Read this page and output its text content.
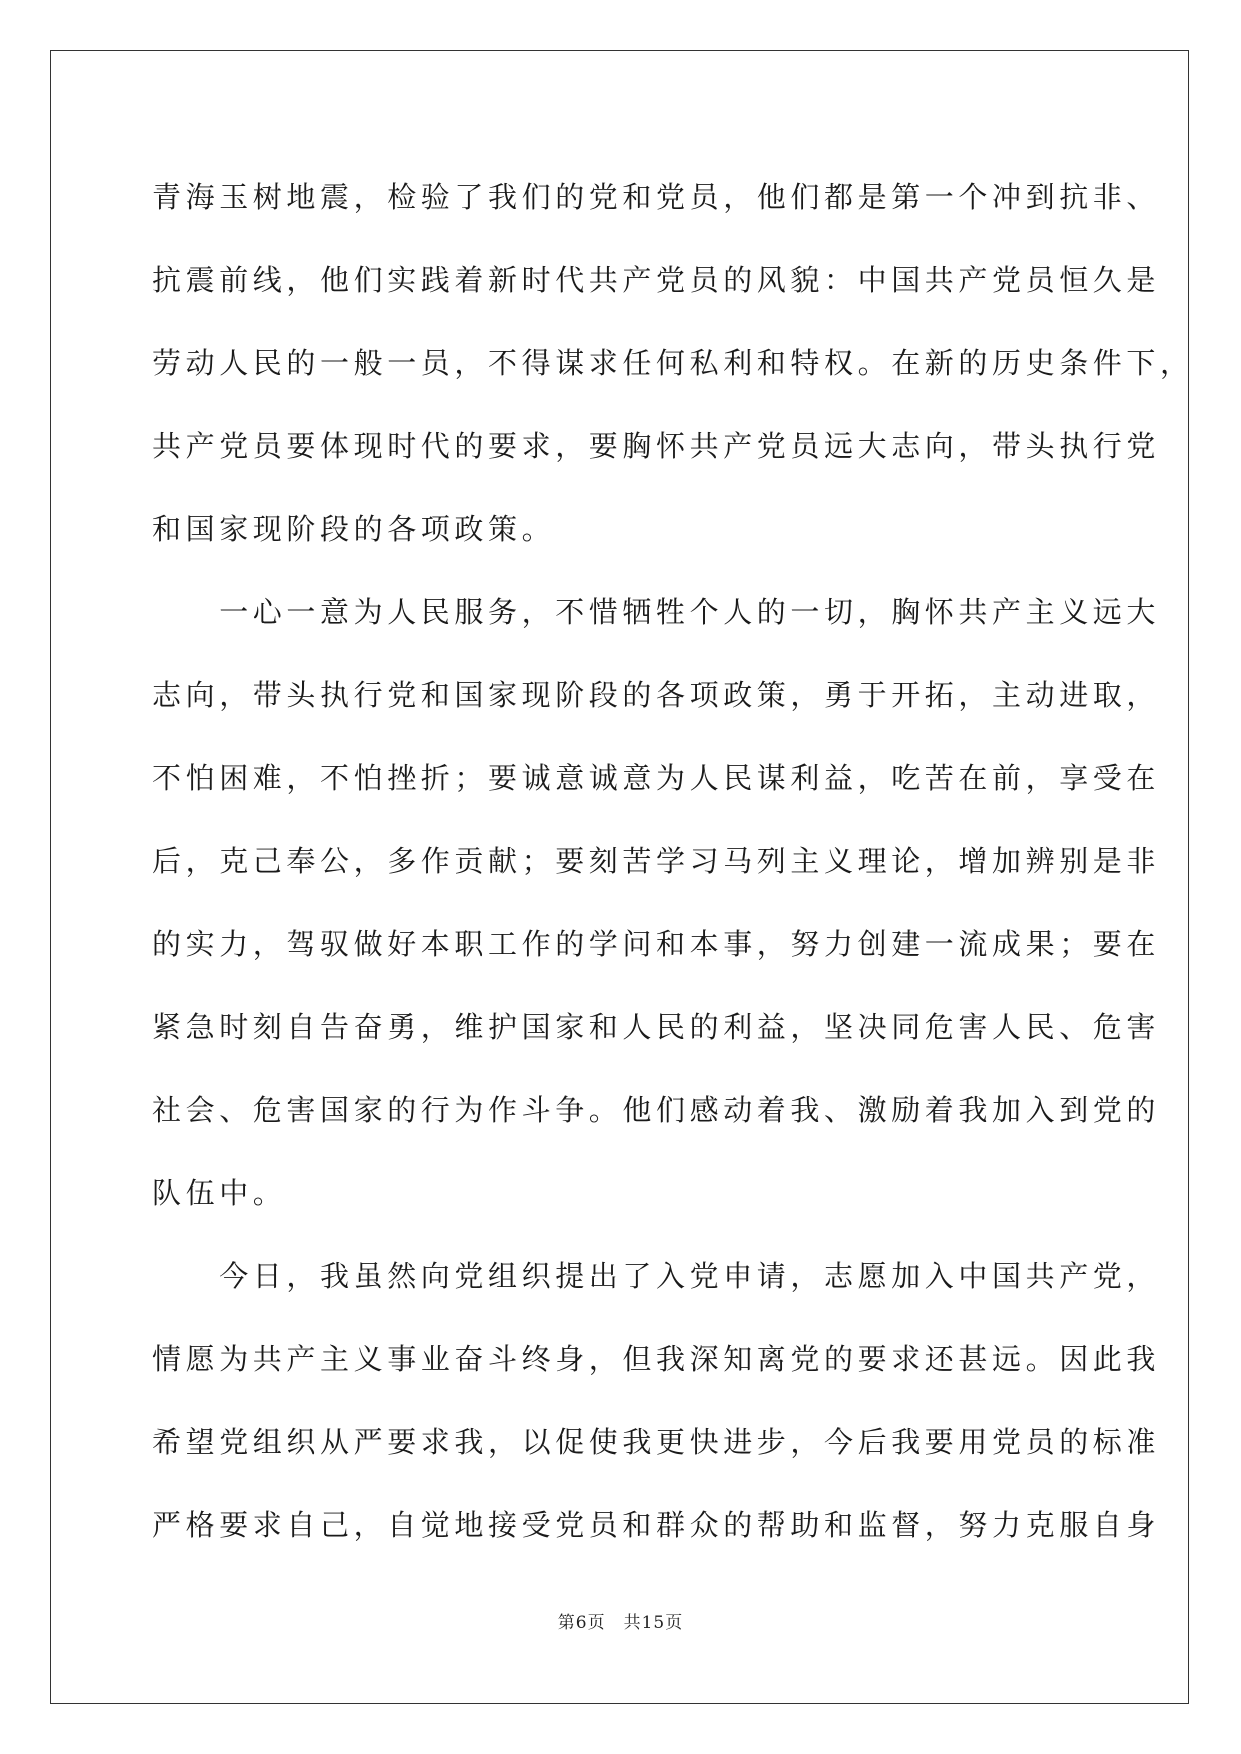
青海玉树地震，检验了我们的党和党员，他们都是第一个冲到抗非、
抗震前线，他们实践着新时代共产党员的风貌：中国共产党员恒久是
劳动人民的一般一员，不得谋求任何私利和特权。在新的历史条件下，
共产党员要体现时代的要求，要胸怀共产党员远大志向，带头执行党
和国家现阶段的各项政策。
　　一心一意为人民服务，不惜牺牲个人的一切，胸怀共产主义远大
志向，带头执行党和国家现阶段的各项政策，勇于开拓，主动进取，
不怕困难，不怕挫折；要诚意诚意为人民谋利益，吃苦在前，享受在
后，克己奉公，多作贡献；要刻苦学习马列主义理论，增加辨别是非
的实力，驾驭做好本职工作的学问和本事，努力创建一流成果；要在
紧急时刻自告奋勇，维护国家和人民的利益，坚决同危害人民、危害
社会、危害国家的行为作斗争。他们感动着我、激励着我加入到党的
队伍中。
　　今日，我虽然向党组织提出了入党申请，志愿加入中国共产党，
情愿为共产主义事业奋斗终身，但我深知离党的要求还甚远。因此我
希望党组织从严要求我，以促使我更快进步，今后我要用党员的标准
严格要求自己，自觉地接受党员和群众的帮助和监督，努力克服自身
第6页 共15页
